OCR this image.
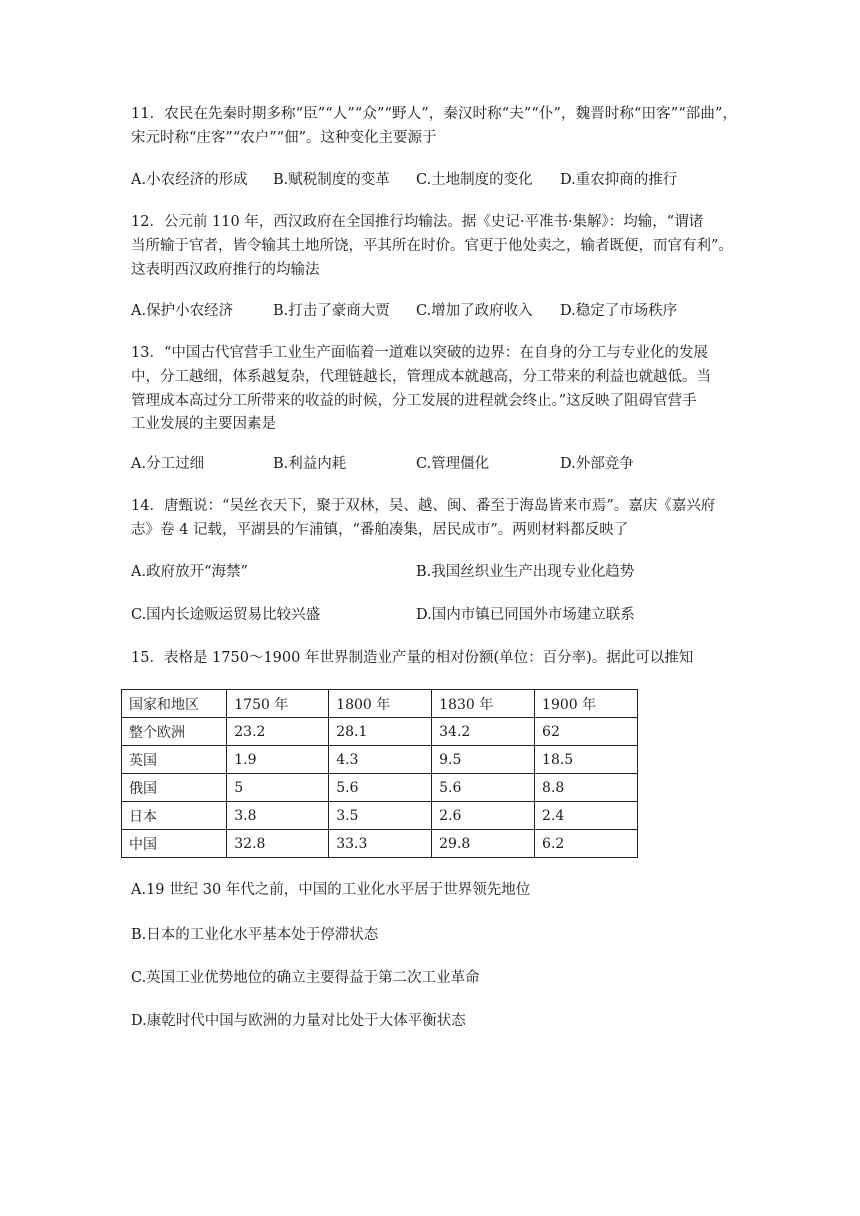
11．农民在先秦时期多称“臣”“人”“众”“野人”，秦汉时称“夫”“仆”，魏晋时称“田客”“部曲”，
宋元时称“庄客”“农户”“佃”。这种变化主要源于
A.小农经济的形成 B.赋税制度的变革 C.土地制度的变化 D.重农抑商的推行
12．公元前 110 年，西汉政府在全国推行均输法。据《史记·平准书·集解》：均输，“谓诸
当所输于官者，皆令输其土地所饶，平其所在时价。官更于他处卖之，输者既便，而官有利”。
这表明西汉政府推行的均输法
A.保护小农经济	B.打击了豪商大贾 C.增加了政府收入 D.稳定了市场秩序
13．“中国古代官营手工业生产面临着一道难以突破的边界：在自身的分工与专业化的发展
中，分工越细，体系越复杂，代理链越长，管理成本就越高，分工带来的利益也就越低。当
管理成本高过分工所带来的收益的时候，分工发展的进程就会终止。”这反映了阻碍官营手
工业发展的主要因素是
A.分工过细	B.利益内耗	C.管理僵化	D.外部竞争
14．唐甄说：“吴丝衣天下，聚于双林，吴、越、闽、番至于海岛皆来市焉”。嘉庆《嘉兴府
志》卷 4 记载，平湖县的乍浦镇，“番舶凑集，居民成市”。两则材料都反映了
A.政府放开“海禁”	B.我国丝织业生产出现专业化趋势
C.国内长途贩运贸易比较兴盛	D.国内市镇已同国外市场建立联系
15．表格是 1750～1900 年世界制造业产量的相对份额(单位：百分率)。据此可以推知
国家和地区	1750 年	1800 年	1830 年	1900 年
整个欧洲	23.2	28.1	34.2	62
英国	1.9	4.3	9.5	18.5
俄国	5	5.6	5.6	8.8
日本	3.8	3.5	2.6	2.4
中国	32.8	33.3	29.8	6.2
A.19 世纪 30 年代之前，中国的工业化水平居于世界领先地位
B.日本的工业化水平基本处于停滞状态
C.英国工业优势地位的确立主要得益于第二次工业革命
D.康乾时代中国与欧洲的力量对比处于大体平衡状态
